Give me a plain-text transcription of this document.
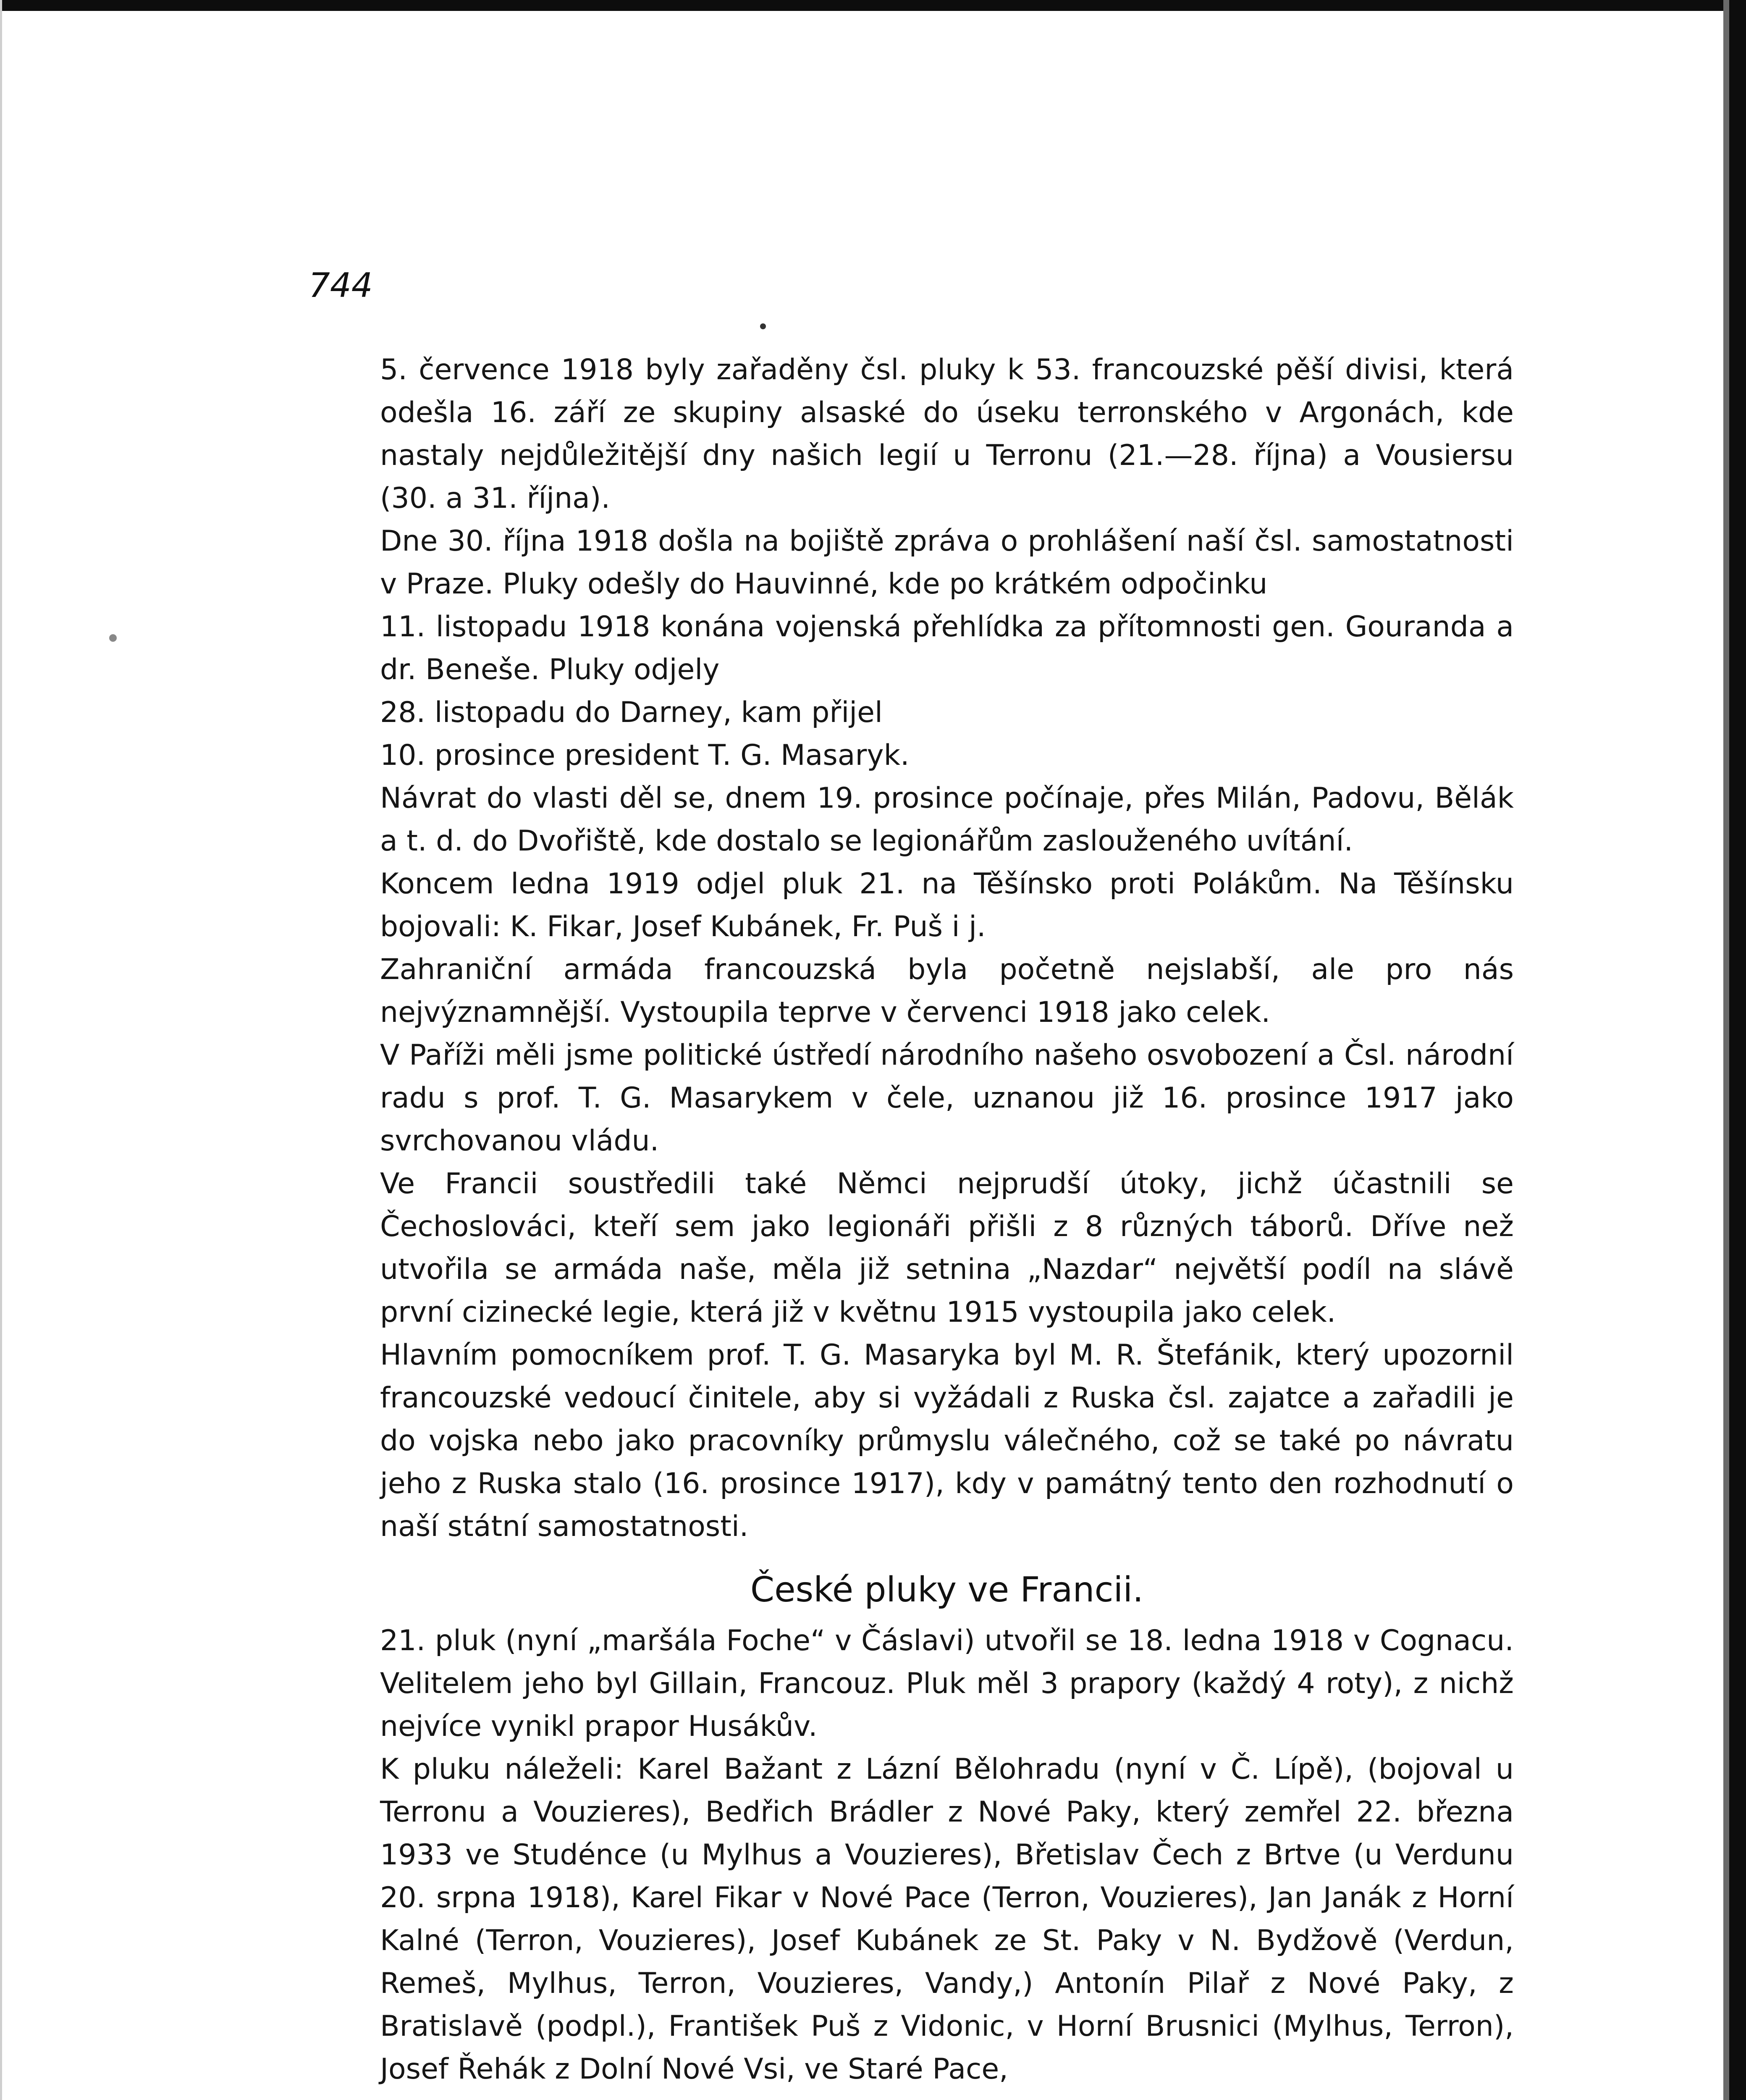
744

5. července 1918 byly zařaděny čsl. pluky k 53. francouzské pěší divisi, která odešla 16. září ze skupiny alsaské do úseku terronského v Argonách, kde nastaly nejdůležitější dny našich legií u Terronu (21.—28. října) a Vousiersu (30. a 31. října).

Dne 30. října 1918 došla na bojiště zpráva o prohlášení naší čsl. samostatnosti v Praze. Pluky odešly do Hauvinné, kde po krátkém odpočinku

11. listopadu 1918 konána vojenská přehlídka za přítomnosti gen. Gouranda a dr. Beneše. Pluky odjely

28. listopadu do Darney, kam přijel

10. prosince president T. G. Masaryk.

Návrat do vlasti děl se, dnem 19. prosince počínaje, přes Milán, Padovu, Bělák a t. d. do Dvořiště, kde dostalo se legionářům zaslouženého uvítání.

Koncem ledna 1919 odjel pluk 21. na Těšínsko proti Polákům. Na Těšínsku bojovali: K. Fikar, Josef Kubánek, Fr. Puš i j.

Zahraniční armáda francouzská byla početně nejslabší, ale pro nás nejvýznamnější. Vystoupila teprve v červenci 1918 jako celek.

V Paříži měli jsme politické ústředí národního našeho osvobození a Čsl. národní radu s prof. T. G. Masarykem v čele, uznanou již 16. prosince 1917 jako svrchovanou vládu.

Ve Francii soustředili také Němci nejprudší útoky, jichž účastnili se Čechoslováci, kteří sem jako legionáři přišli z 8 různých táborů. Dříve než utvořila se armáda naše, měla již setnina „Nazdar“ největší podíl na slávě první cizinecké legie, která již v květnu 1915 vystoupila jako celek.

Hlavním pomocníkem prof. T. G. Masaryka byl M. R. Štefánik, který upozornil francouzské vedoucí činitele, aby si vyžádali z Ruska čsl. zajatce a zařadili je do vojska nebo jako pracovníky průmyslu válečného, což se také po návratu jeho z Ruska stalo (16. prosince 1917), kdy v památný tento den rozhodnutí o naší státní samostatnosti.

České pluky ve Francii.

21. pluk (nyní „maršála Foche“ v Čáslavi) utvořil se 18. ledna 1918 v Cognacu. Velitelem jeho byl Gillain, Francouz. Pluk měl 3 prapory (každý 4 roty), z nichž nejvíce vynikl prapor Husákův.

K pluku náleželi: Karel Bažant z Lázní Bělohradu (nyní v Č. Lípě), (bojoval u Terronu a Vouzieres), Bedřich Brádler z Nové Paky, který zemřel 22. března 1933 ve Studénce (u Mylhus a Vouzieres), Břetislav Čech z Brtve (u Verdunu 20. srpna 1918), Karel Fikar v Nové Pace (Terron, Vouzieres), Jan Janák z Horní Kalné (Terron, Vouzieres), Josef Kubánek ze St. Paky v N. Bydžově (Verdun, Remeš, Mylhus, Terron, Vouzieres, Vandy,) Antonín Pilař z Nové Paky, z Bratislavě (podpl.), František Puš z Vidonic, v Horní Brusnici (Mylhus, Terron), Josef Řehák z Dolní Nové Vsi, ve Staré Pace,
